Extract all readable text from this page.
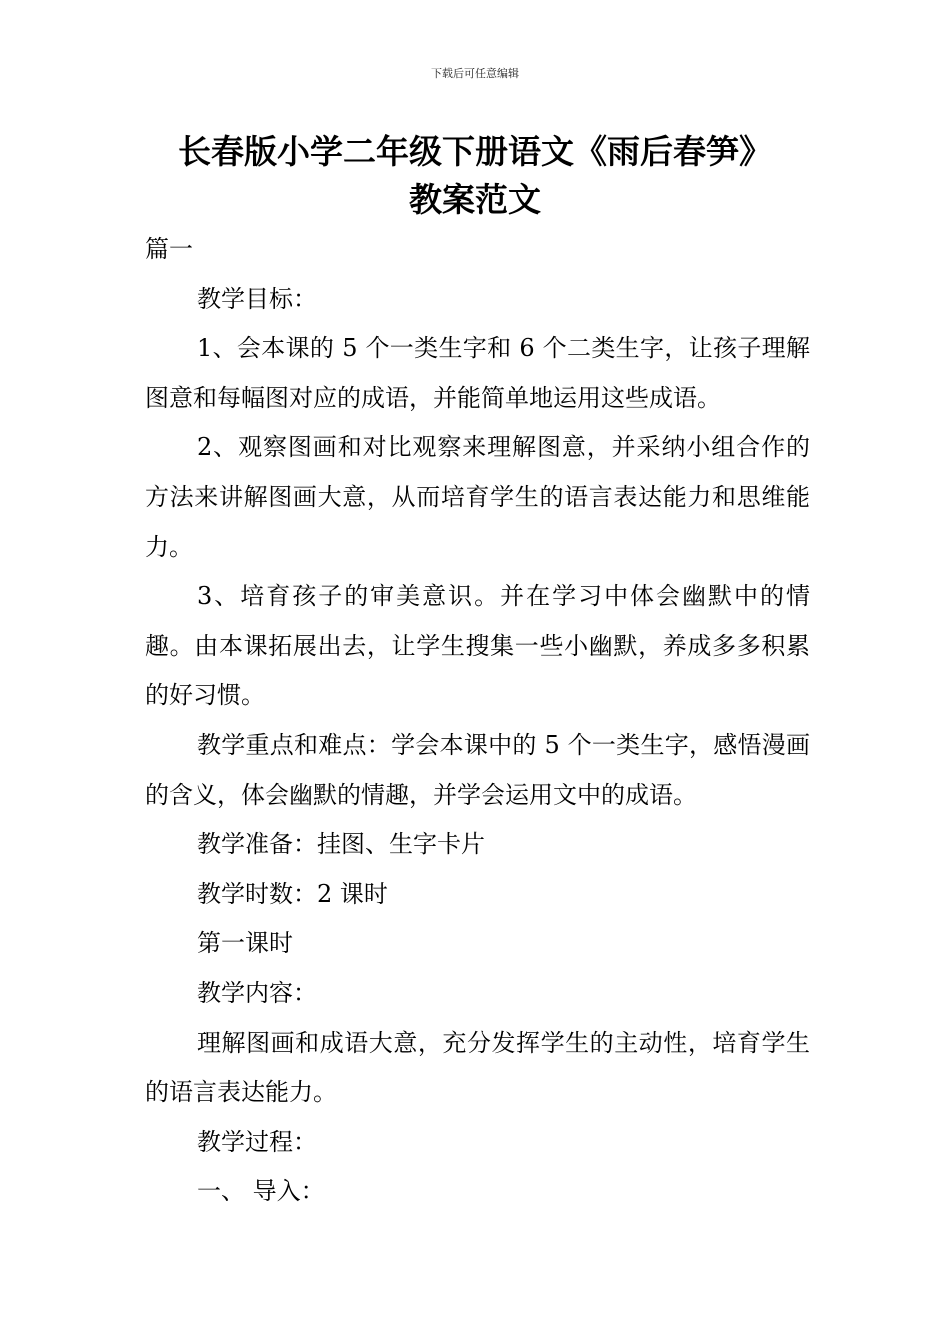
下载后可任意编辑
长春版小学二年级下册语文《雨后春笋》
教案范文

篇一

教学目标：

1、会本课的 5 个一类生字和 6 个二类生字，让孩子理解图意和每幅图对应的成语，并能简单地运用这些成语。

2、观察图画和对比观察来理解图意，并采纳小组合作的方法来讲解图画大意，从而培育学生的语言表达能力和思维能力。

3、培育孩子的审美意识。并在学习中体会幽默中的情趣。由本课拓展出去，让学生搜集一些小幽默，养成多多积累的好习惯。

教学重点和难点：学会本课中的 5 个一类生字，感悟漫画的含义，体会幽默的情趣，并学会运用文中的成语。

教学准备：挂图、生字卡片

教学时数：2 课时

第一课时

教学内容：

理解图画和成语大意，充分发挥学生的主动性，培育学生的语言表达能力。

教学过程：

一、 导入：
